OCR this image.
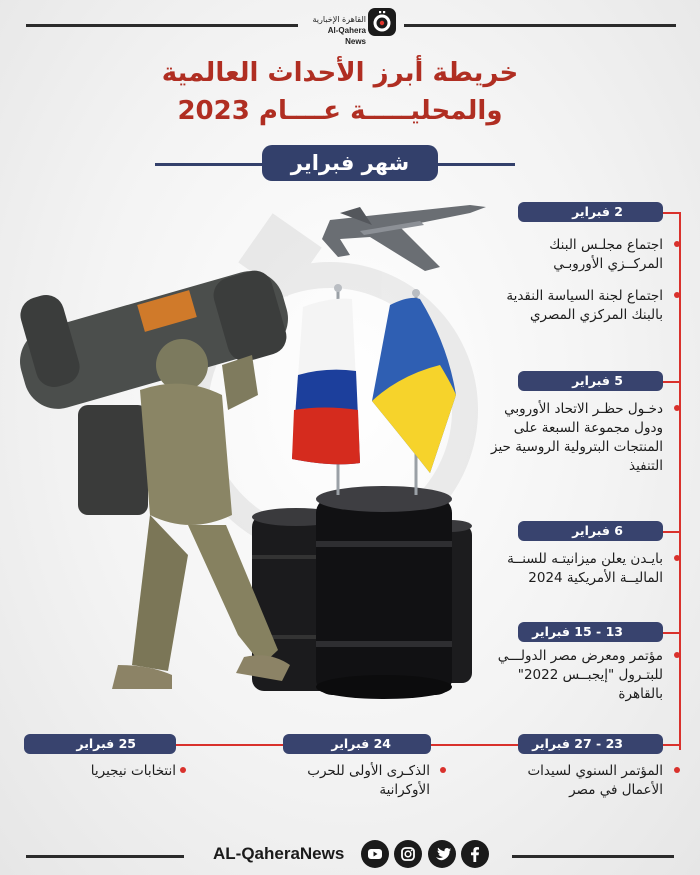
القاهرة الإخبارية
Al-Qahera News
خريطة أبرز الأحداث العالمية
والمحليـــــة عــــام 2023
شهر فبراير
2 فبراير
اجتماع مجلـس البنك المركــزي الأوروبـي
اجتماع لجنة السياسة النقدية بالبنك المركزي المصري
5 فبراير
دخـول حظـر الاتحاد الأوروبي ودول مجموعة السبعة على المنتجات البترولية الروسية حيز التنفيذ
6 فبراير
بايـدن يعلن ميزانيتـه للسنــة الماليــة الأمريكية 2024
13 - 15 فبراير
مؤتمر ومعرض مصر الدولـــي للبتـرول "إيجبــس 2022" بالقاهرة
23 - 27 فبراير
المؤتمر السنوي لسيدات الأعمال في مصر
24 فبراير
الذكـرى الأولى للحرب الأوكرانية
25 فبراير
انتخابات نيجيريا
AL-QaheraNews
